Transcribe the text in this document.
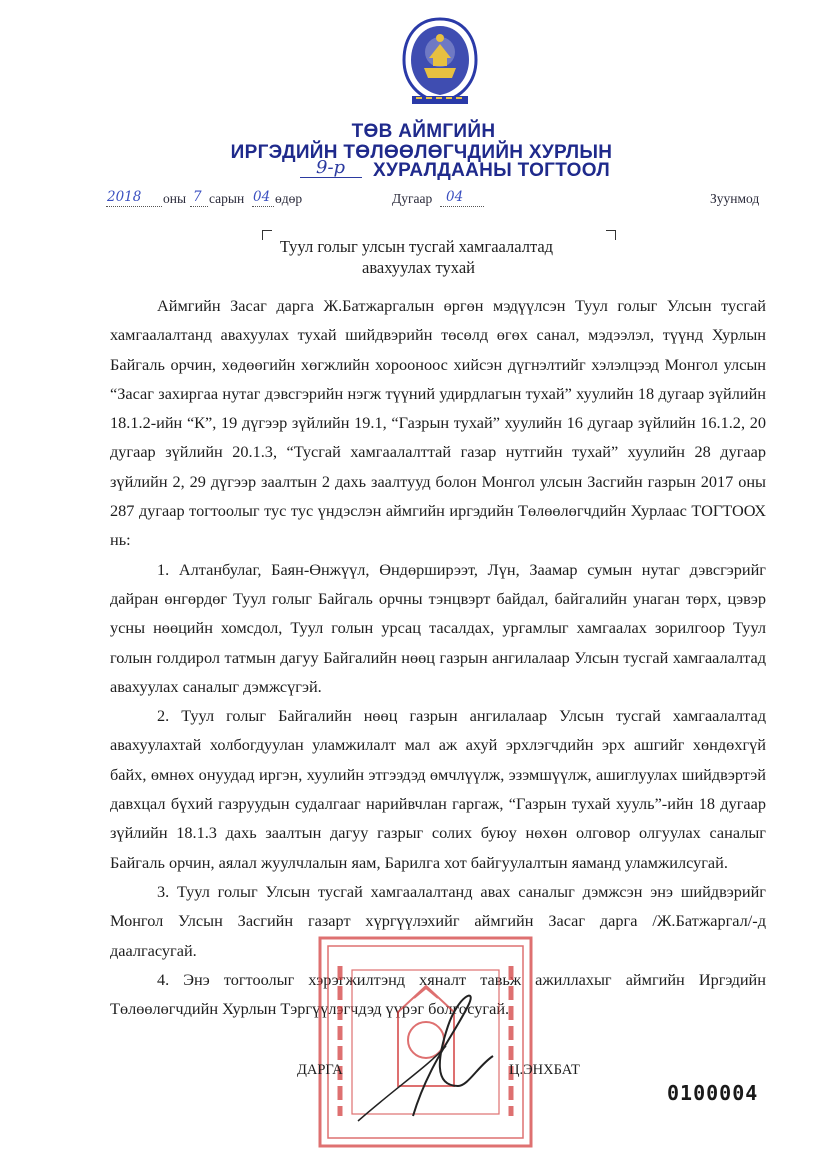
ТӨВ АЙМГИЙН
ИРГЭДИЙН ТӨЛӨӨЛӨГЧДИЙН ХУРЛЫН
9-р	ХУРАЛДААНЫ ТОГТООЛ
2018 оны 7 сарын 04 өдөр	Дугаар 04	Зуунмод
Туул голыг улсын тусгай хамгаалалтад
авахуулах тухай

Аймгийн Засаг дарга Ж.Батжаргалын өргөн мэдүүлсэн Туул голыг Улсын тусгай хамгаалалтанд авахуулах тухай шийдвэрийн төсөлд өгөх санал, мэдээлэл, түүнд Хурлын Байгаль орчин, хөдөөгийн хөгжлийн хорооноос хийсэн дүгнэлтийг хэлэлцээд Монгол улсын “Засаг захиргаа нутаг дэвсгэрийн нэгж түүний удирдлагын тухай” хуулийн 18 дугаар зүйлийн 18.1.2-ийн “К”, 19 дүгээр зүйлийн 19.1, “Газрын тухай” хуулийн 16 дугаар зүйлийн 16.1.2, 20 дугаар зүйлийн 20.1.3, “Тусгай хамгаалалттай газар нутгийн тухай” хуулийн 28 дугаар зүйлийн 2, 29 дүгээр заалтын 2 дахь заалтууд болон Монгол улсын Засгийн газрын 2017 оны 287 дугаар тогтоолыг тус тус үндэслэн аймгийн иргэдийн Төлөөлөгчдийн Хурлаас ТОГТООХ нь:

1. Алтанбулаг, Баян-Өнжүүл, Өндөрширээт, Лүн, Заамар сумын нутаг дэвсгэрийг дайран өнгөрдөг Туул голыг Байгаль орчны тэнцвэрт байдал, байгалийн унаган төрх, цэвэр усны нөөцийн хомсдол, Туул голын урсац тасалдах, ургамлыг хамгаалах зорилгоор Туул голын голдирол татмын дагуу Байгалийн нөөц газрын ангилалаар Улсын тусгай хамгаалалтад авахуулах саналыг дэмжсүгэй.

2. Туул голыг Байгалийн нөөц газрын ангилалаар Улсын тусгай хамгаалалтад авахуулахтай холбогдуулан уламжилалт мал аж ахуй эрхлэгчдийн эрх ашгийг хөндөхгүй байх, өмнөх онуудад иргэн, хуулийн этгээдэд өмчлүүлж, эзэмшүүлж, ашиглуулах шийдвэртэй давхцал бүхий газруудын судалгааг нарийвчлан гаргаж, “Газрын тухай хууль”-ийн 18 дугаар зүйлийн 18.1.3 дахь заалтын дагуу газрыг солих буюу нөхөн олговор олгуулах саналыг Байгаль орчин, аялал жуулчлалын яам, Барилга хот байгуулалтын яаманд уламжилсугай.

3. Туул голыг Улсын тусгай хамгаалалтанд авах саналыг дэмжсэн энэ шийдвэрийг Монгол Улсын Засгийн газарт хүргүүлэхийг аймгийн Засаг дарга /Ж.Батжаргал/-д даалгасугай.

4. Энэ тогтоолыг хэрэгжилтэнд хяналт тавьж ажиллахыг аймгийн Иргэдийн Төлөөлөгчдийн Хурлын Тэргүүлэгчдэд үүрэг болгосугай.

ДАРГА	Ц.ЭНХБАТ
0100004
